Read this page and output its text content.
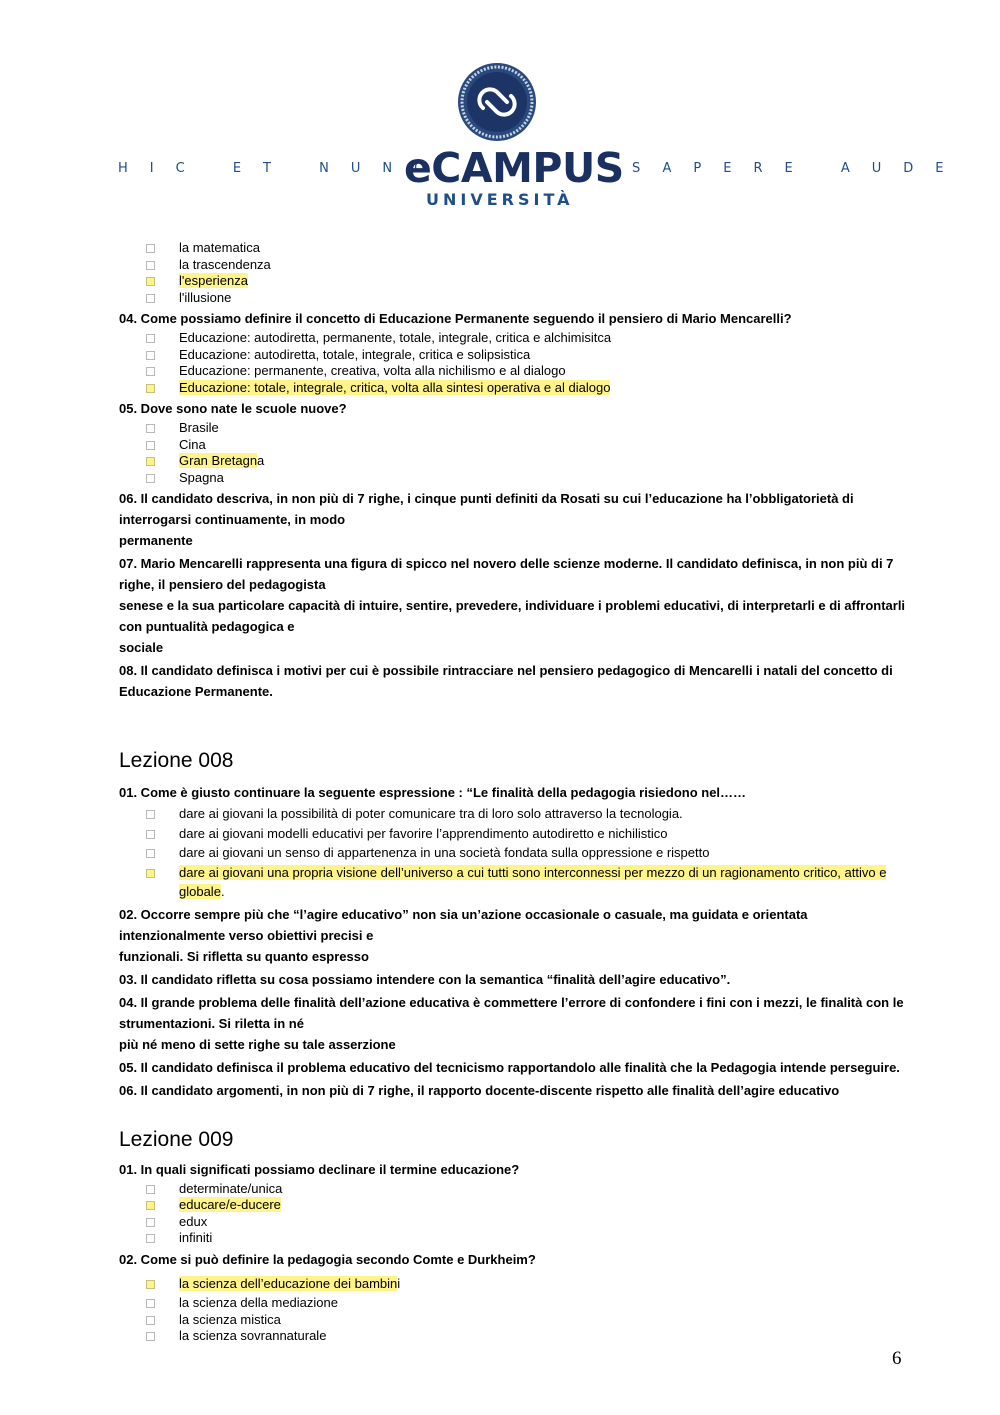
HIC ET NUNC
eCAMPUS
UNIVERSITÀ
SAPERE AUDE
la matematica
la trascendenza
l'esperienza
l'illusione
04. Come possiamo definire il concetto di Educazione Permanente seguendo il pensiero di Mario Mencarelli?
Educazione: autodiretta, permanente, totale, integrale, critica e alchimisitca
Educazione: autodiretta, totale, integrale, critica e solipsistica
Educazione: permanente, creativa, volta alla nichilismo e al dialogo
Educazione: totale, integrale, critica, volta alla sintesi operativa e al dialogo
05. Dove sono nate le scuole nuove?
Brasile
Cina
Gran Bretagna
Spagna
06. Il candidato descriva, in non più di 7 righe, i cinque punti definiti da Rosati su cui l’educazione ha l’obbligatorietà di
interrogarsi continuamente, in modo
permanente
07. Mario Mencarelli rappresenta una figura di spicco nel novero delle scienze moderne. Il candidato definisca, in non più di 7
righe, il pensiero del pedagogista
senese e la sua particolare capacità di intuire, sentire, prevedere, individuare i problemi educativi, di interpretarli e di affrontarli
con puntualità pedagogica e
sociale
08. Il candidato definisca i motivi per cui è possibile rintracciare nel pensiero pedagogico di Mencarelli i natali del concetto di
Educazione Permanente.
Lezione 008
01. Come è giusto continuare la seguente espressione : “Le finalità della pedagogia risiedono nel……
dare ai giovani la possibilità di poter comunicare tra di loro solo attraverso la tecnologia.
dare ai giovani modelli educativi per favorire l’apprendimento autodiretto e nichilistico
dare ai giovani un senso di appartenenza in una società fondata sulla oppressione e rispetto
dare ai giovani una propria visione dell’universo a cui tutti sono interconnessi per mezzo di un ragionamento critico, attivo e globale.
02. Occorre sempre più che “l’agire educativo” non sia un’azione occasionale o casuale, ma guidata e orientata
intenzionalmente verso obiettivi precisi e
funzionali. Si rifletta su quanto espresso
03. Il candidato rifletta su cosa possiamo intendere con la semantica “finalità dell’agire educativo”.
04. Il grande problema delle finalità dell’azione educativa è commettere l’errore di confondere i fini con i mezzi, le finalità con le
strumentazioni. Si riletta in né
più né meno di sette righe su tale asserzione
05. Il candidato definisca il problema educativo del tecnicismo rapportandolo alle finalità che la Pedagogia intende perseguire.
06. Il candidato argomenti, in non più di 7 righe, il rapporto docente-discente rispetto alle finalità dell’agire educativo
Lezione 009
01. In quali significati possiamo declinare il termine educazione?
determinate/unica
educare/e-ducere
edux
infiniti
02. Come si può definire la pedagogia secondo Comte e Durkheim?
la scienza dell’educazione dei bambini
la scienza della mediazione
la scienza mistica
la scienza sovrannaturale
6
